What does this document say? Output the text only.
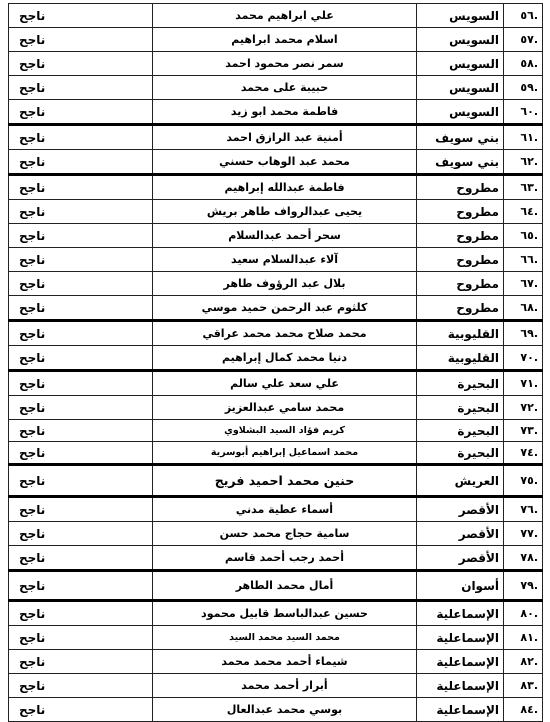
.٥٦	السويس	علي ابراهيم محمد	ناجح
.٥٧	السويس	اسلام محمد ابراهيم	ناجح
.٥٨	السويس	سمر نصر محمود احمد	ناجح
.٥٩	السويس	حبيبة على محمد	ناجح
.٦٠	السويس	فاطمة محمد ابو زيد	ناجح
.٦١	بني سويف	أمنية عبد الرازق احمد	ناجح
.٦٢	بني سويف	محمد عبد الوهاب حسني	ناجح
.٦٣	مطروح	فاطمة عبدالله إبراهيم	ناجح
.٦٤	مطروح	يحيى عبدالرواف طاهر بريش	ناجح
.٦٥	مطروح	سحر أحمد عبدالسلام	ناجح
.٦٦	مطروح	آلاء عبدالسلام سعيد	ناجح
.٦٧	مطروح	بلال عبد الرؤوف طاهر	ناجح
.٦٨	مطروح	كلثوم عبد الرحمن حميد موسي	ناجح
.٦٩	القليوبية	محمد صلاح محمد محمد عراقي	ناجح
.٧٠	القليوبية	دنيا محمد كمال إبراهيم	ناجح
.٧١	البحيرة	علي سعد علي سالم	ناجح
.٧٢	البحيرة	محمد سامي عبدالعزيز	ناجح
.٧٣	البحيرة	كريم فؤاد السيد البشلاوي	ناجح
.٧٤	البحيرة	محمد اسماعيل إبراهيم أبوسرية	ناجح
.٧٥	العريش	حنين محمد احميد فريج	ناجح
.٧٦	الأقصر	أسماء عطية مدني	ناجح
.٧٧	الأقصر	سامية حجاج محمد حسن	ناجح
.٧٨	الأقصر	أحمد رجب أحمد قاسم	ناجح
.٧٩	أسوان	أمال محمد الطاهر	ناجح
.٨٠	الإسماعلية	حسين عبدالباسط قابيل محمود	ناجح
.٨١	الإسماعلية	محمد السيد محمد السيد	ناجح
.٨٢	الإسماعلية	شيماء أحمد محمد محمد	ناجح
.٨٣	الإسماعلية	أبرار أحمد محمد	ناجح
.٨٤	الإسماعلية	بوسي محمد عبدالعال	ناجح
